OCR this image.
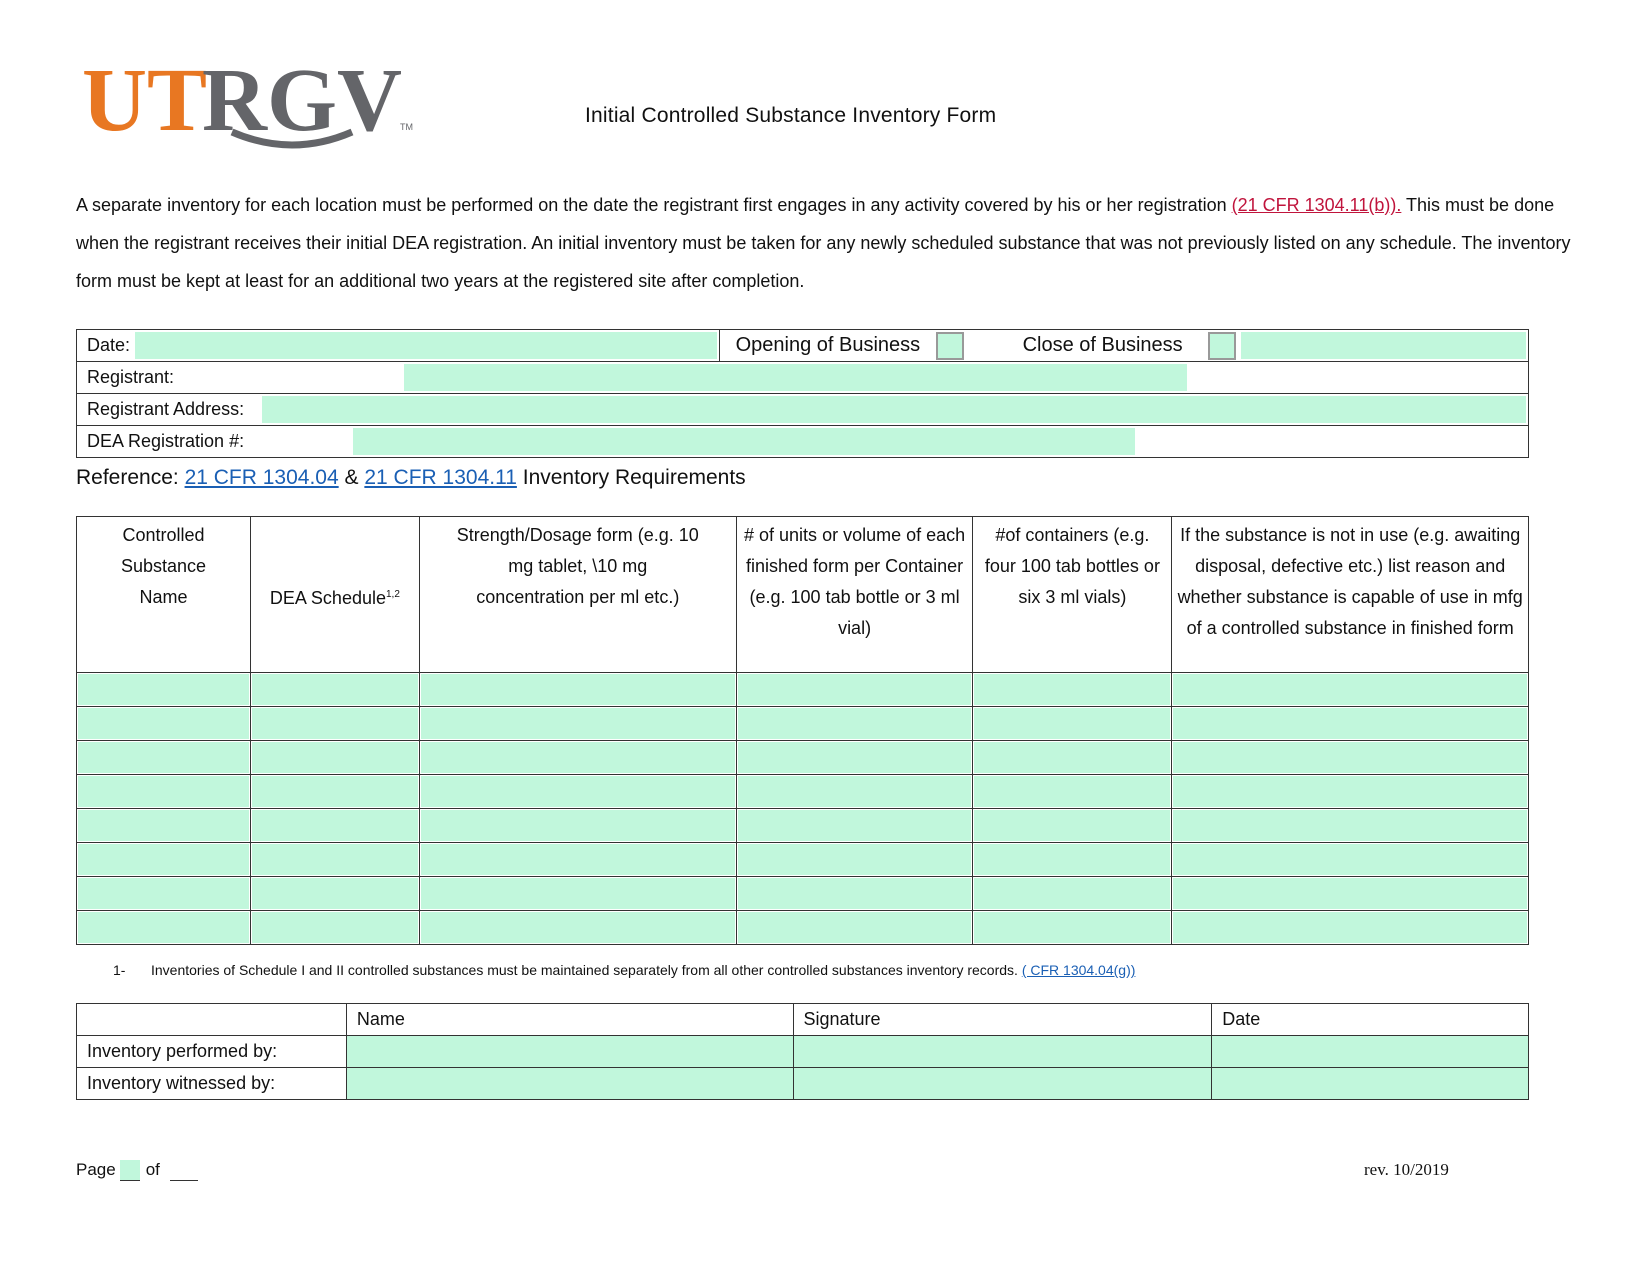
UT
RGV
TM	Initial Controlled Substance Inventory Form
A separate inventory for each location must be performed on the date the registrant first engages in any activity covered by his or her registration (21 CFR 1304.11(b)). This must be done when the registrant receives their initial DEA registration. An initial inventory must be taken for any newly scheduled substance that was not previously listed on any schedule. The inventory form must be kept at least for an additional two years at the registered site after completion.
Date:	Opening of Business	Close of Business

Registrant:

Registrant Address:

DEA Registration #:
Reference: 21 CFR 1304.04 & 21 CFR 1304.11 Inventory Requirements
Controlled Substance Name	DEA Schedule$^{1,2}$	Strength/Dosage form (e.g. 10 mg tablet, \10 mg concentration per ml etc.)	# of units or volume of each finished form per Container (e.g. 100 tab bottle or 3 ml vial)	#of containers (e.g. four 100 tab bottles or six 3 ml vials)	If the substance is not in use (e.g. awaiting disposal, defective etc.) list reason and whether substance is capable of use in mfg of a controlled substance in finished form

1- Inventories of Schedule I and II controlled substances must be maintained separately from all other controlled substances inventory records. ( CFR 1304.04(g))
	Name	Signature	Date
Inventory performed by:			
Inventory witnessed by:			
Page of	rev. 10/2019
